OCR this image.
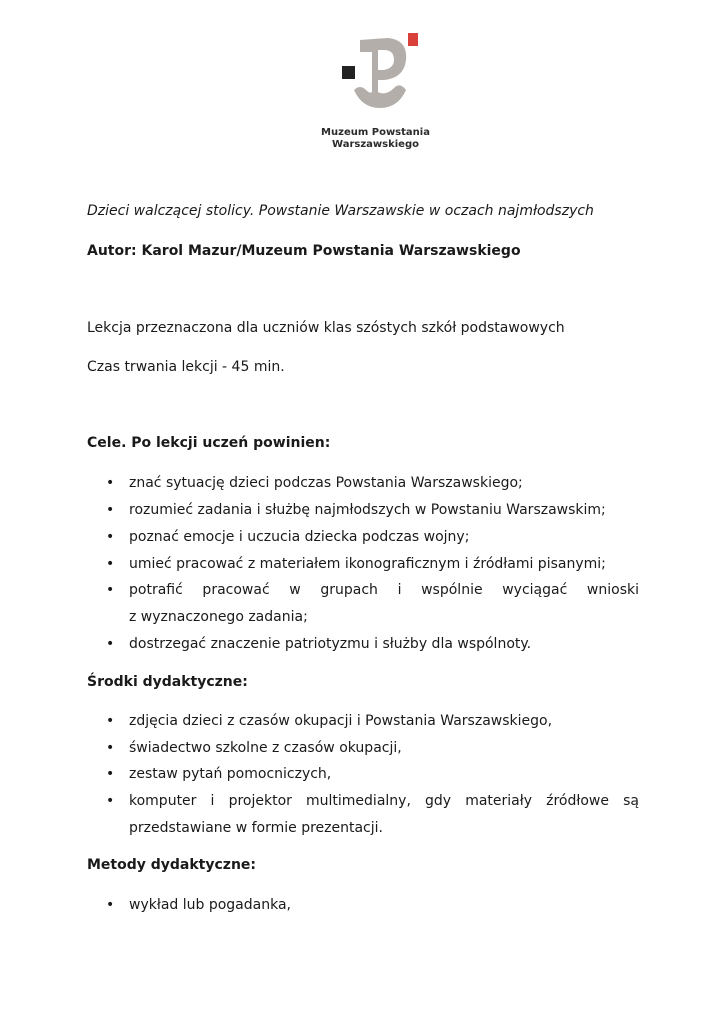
Muzeum Powstania
Warszawskiego
Dzieci walczącej stolicy. Powstanie Warszawskie w oczach najmłodszych
Autor: Karol Mazur/Muzeum Powstania Warszawskiego
Lekcja przeznaczona dla uczniów klas szóstych szkół podstawowych
Czas trwania lekcji - 45 min.
Cele. Po lekcji uczeń powinien:
• znać sytuację dzieci podczas Powstania Warszawskiego;
• rozumieć zadania i służbę najmłodszych w Powstaniu Warszawskim;
• poznać emocje i uczucia dziecka podczas wojny;
• umieć pracować z materiałem ikonograficznym i źródłami pisanymi;
• potrafić pracować w grupach i wspólnie wyciągać wnioski
z wyznaczonego zadania;
• dostrzegać znaczenie patriotyzmu i służby dla wspólnoty.
Środki dydaktyczne:
• zdjęcia dzieci z czasów okupacji i Powstania Warszawskiego,
• świadectwo szkolne z czasów okupacji,
• zestaw pytań pomocniczych,
• komputer i projektor multimedialny, gdy materiały źródłowe są
przedstawiane w formie prezentacji.
Metody dydaktyczne:
• wykład lub pogadanka,
